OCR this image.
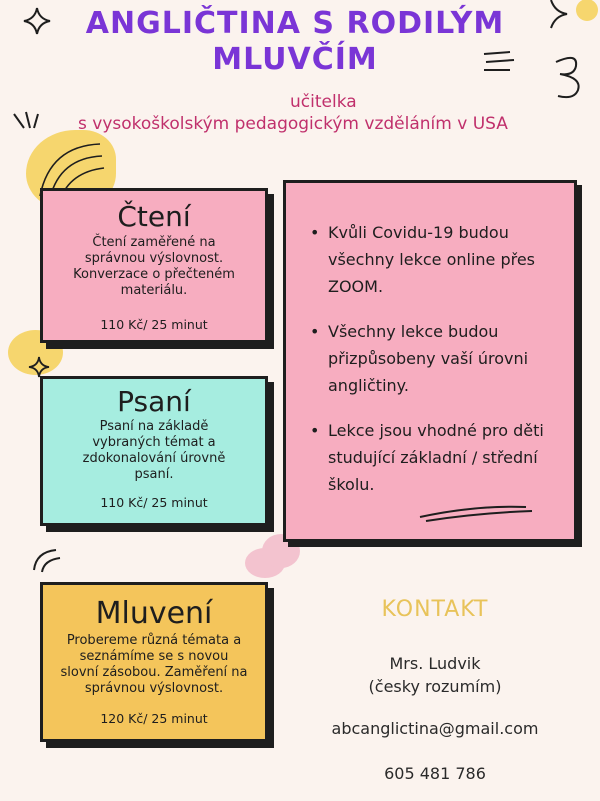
ANGLIČTINA S RODILÝM MLUVČÍM
učitelka
s vysokoškolským pedagogickým vzděláním v USA
Čtení
Čtení zaměřené na správnou výslovnost. Konverzace o přečteném materiálu.
110 Kč/ 25 minut
Psaní
Psaní na základě vybraných témat a zdokonalování úrovně psaní.
110 Kč/ 25 minut
Mluvení
Probereme různá témata a seznámíme se s novou slovní zásobou. Zaměření na správnou výslovnost.
120 Kč/ 25 minut
• Kvůli Covidu-19 budou všechny lekce online přes ZOOM.
• Všechny lekce budou přizpůsobeny vaší úrovni angličtiny.
• Lekce jsou vhodné pro děti studující základní / střední školu.
KONTAKT
Mrs. Ludvik
(česky rozumím)
abcanglictina@gmail.com
605 481 786
